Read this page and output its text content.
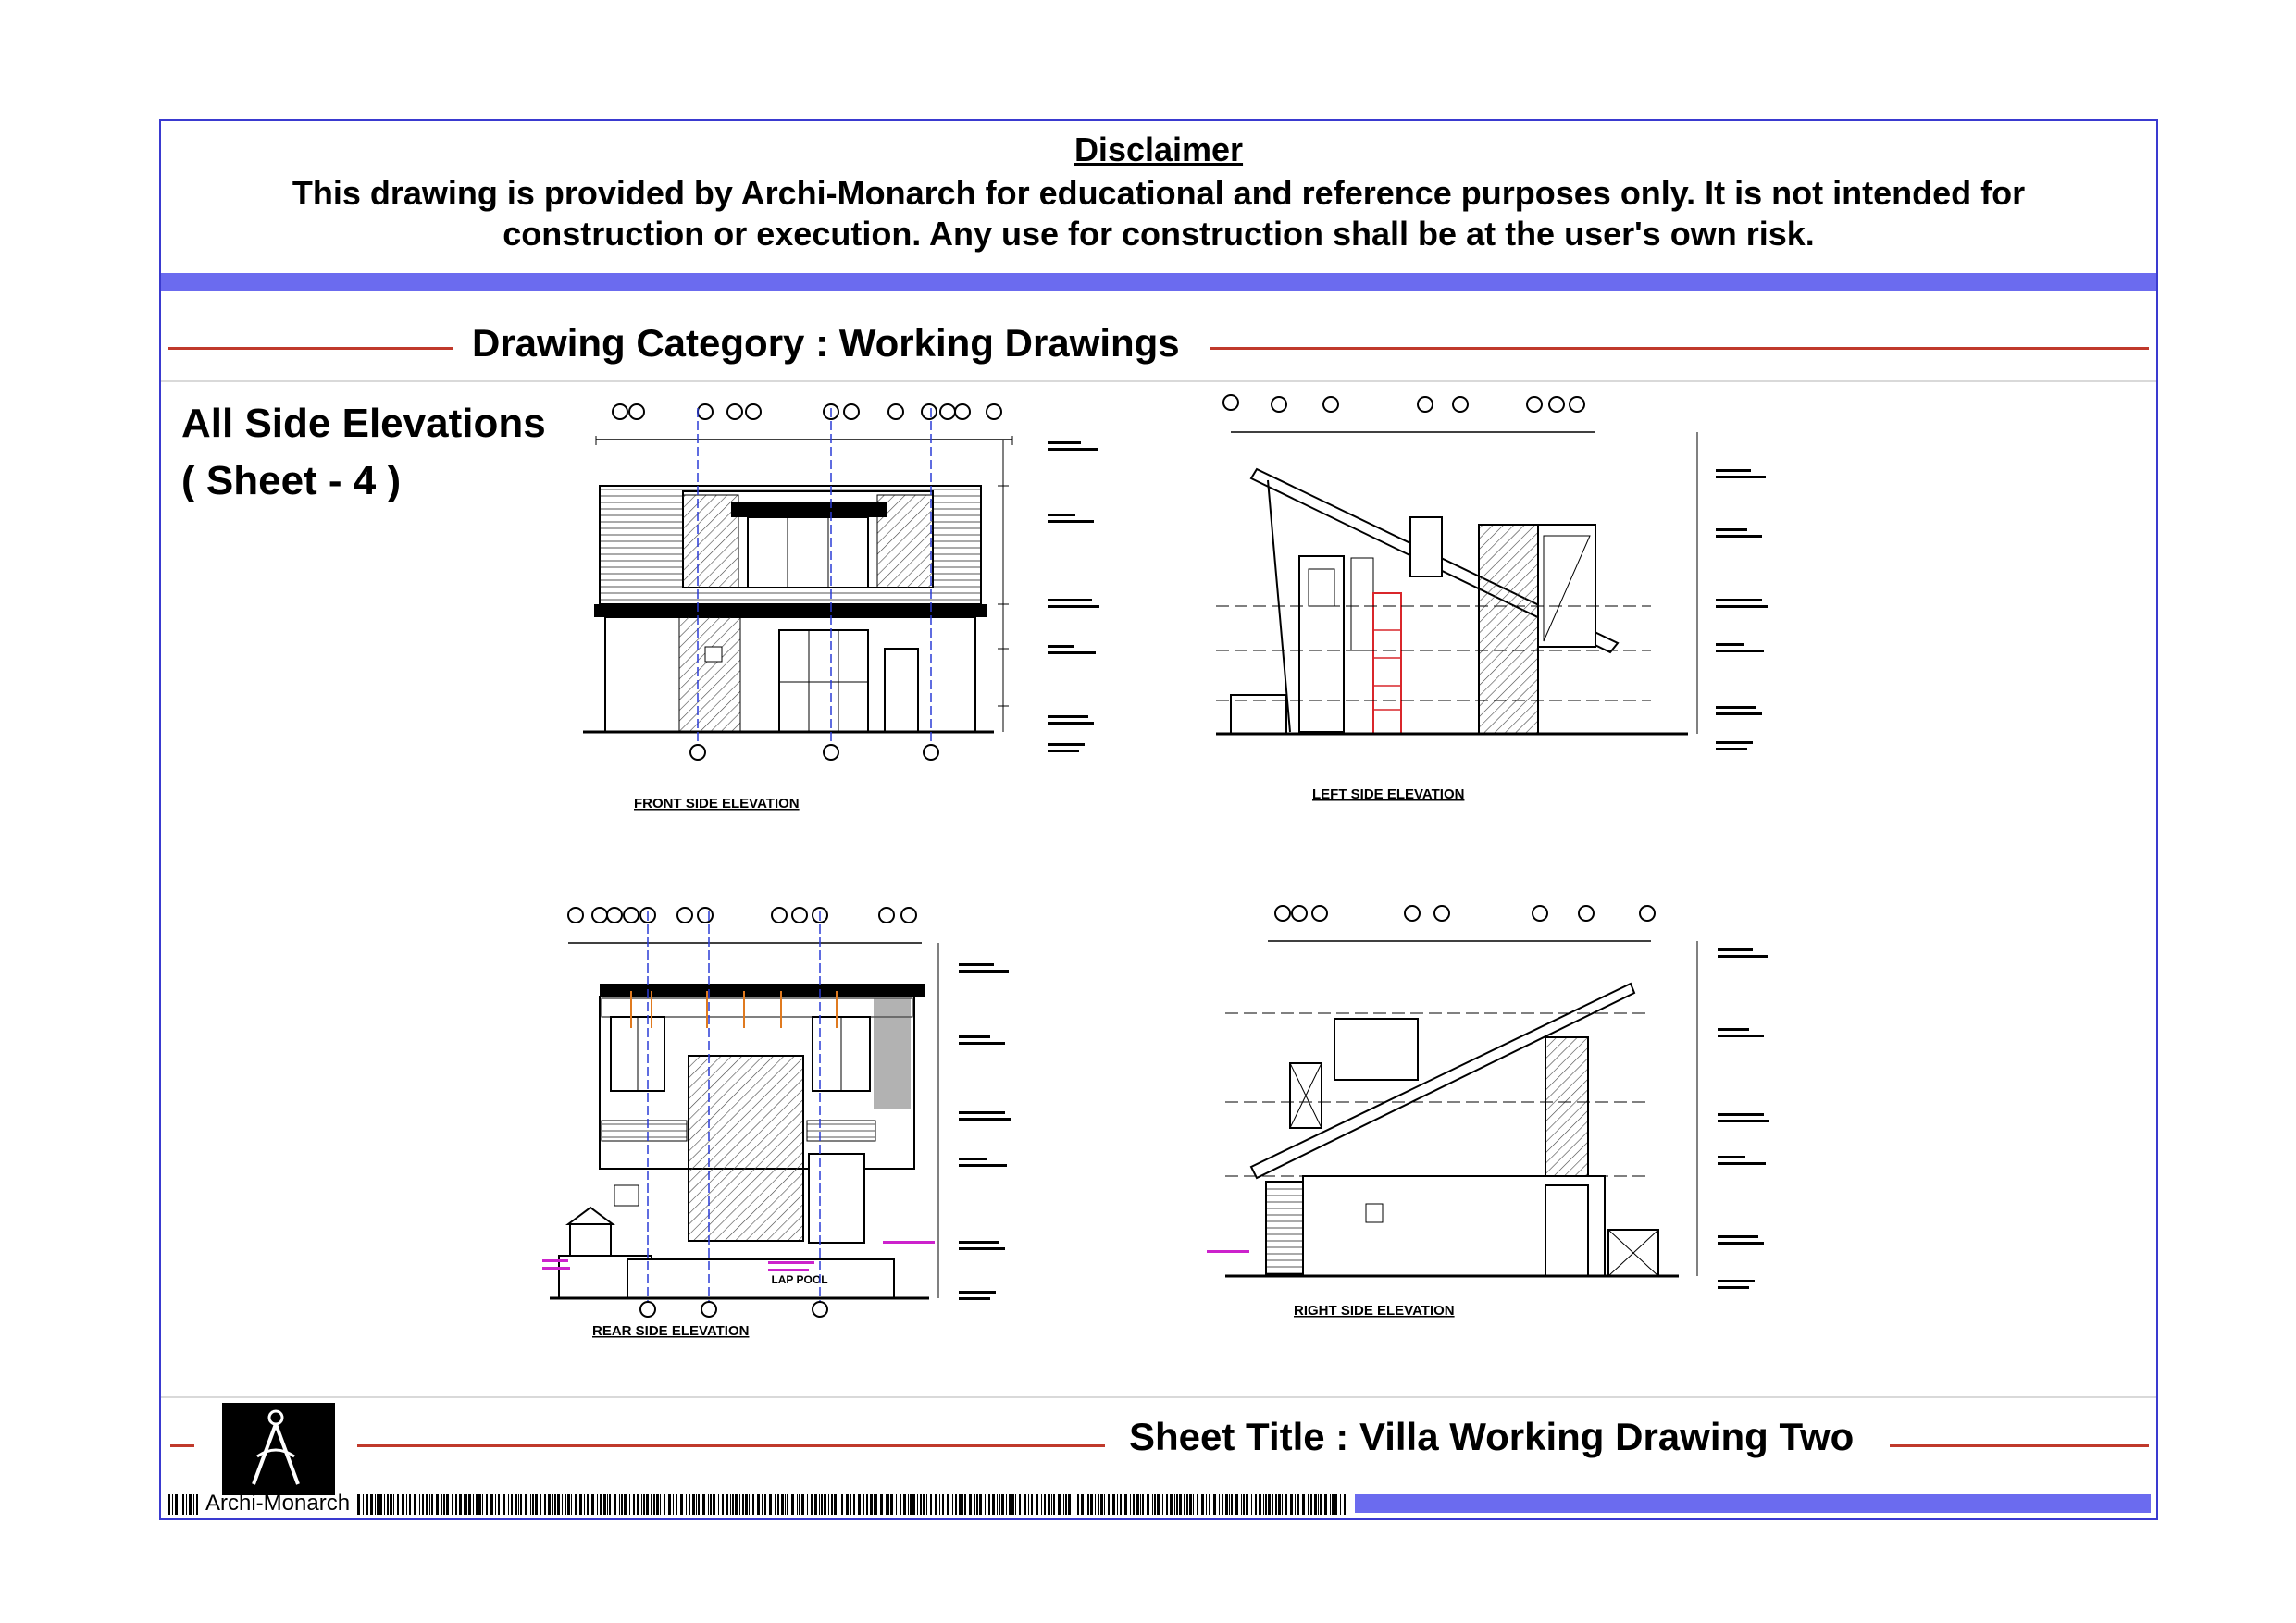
Disclaimer
This drawing is provided by Archi-Monarch for educational and reference purposes only. It is not intended for
construction or execution. Any use for construction shall be at the user's own risk.
Drawing Category : Working Drawings
All Side Elevations
( Sheet - 4 )
FRONT SIDE ELEVATION
LEFT SIDE ELEVATION
LAP POOL
REAR SIDE ELEVATION
RIGHT SIDE ELEVATION
Sheet Title : Villa Working Drawing Two
Archi-Monarch
